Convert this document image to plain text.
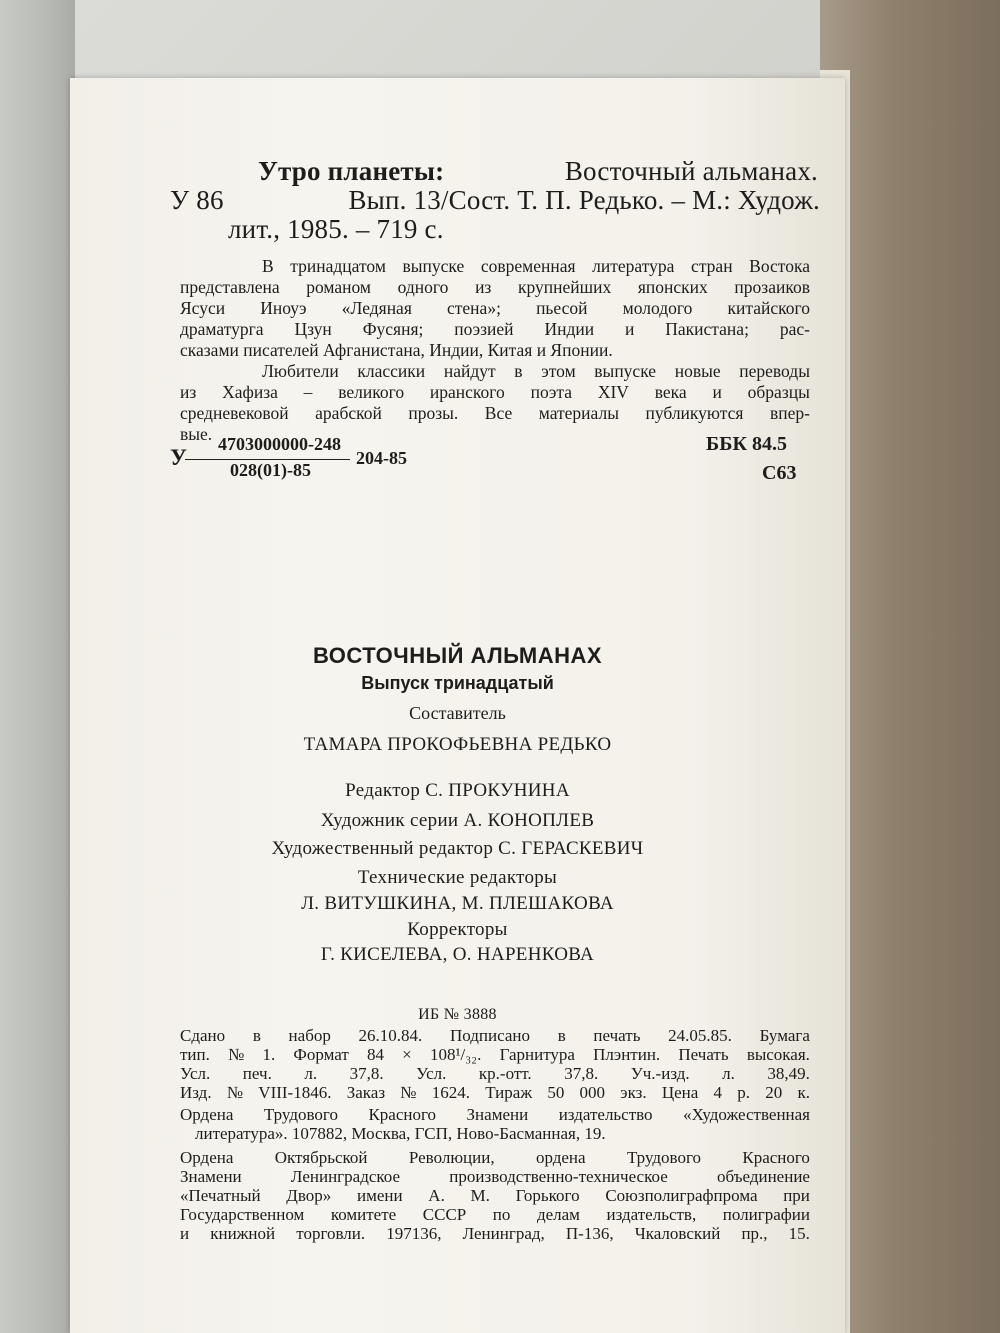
Утро планеты:	Восточный альманах.
У 86	Вып. 13/Сост. Т. П. Редько. – М.: Худож.
лит., 1985. – 719 с.
В тринадцатом выпуске современная литература стран Востока
представлена романом одного из крупнейших японских прозаиков
Ясуси Иноуэ «Ледяная стена»; пьесой молодого китайского
драматурга Цзун Фусяня; поэзией Индии и Пакистана; рас-
сказами писателей Афганистана, Индии, Китая и Японии.
Любители классики найдут в этом выпуске новые переводы
из Хафиза – великого иранского поэта XIV века и образцы
средневековой арабской прозы. Все материалы публикуются впер-
вые.
У
4703000000-248
028(01)-85
204-85
ББК 84.5
С63
ВОСТОЧНЫЙ АЛЬМАНАХ
Выпуск тринадцатый
Составитель
ТАМАРА ПРОКОФЬЕВНА РЕДЬКО
Редактор С. ПРОКУНИНА
Художник серии А. КОНОПЛЕВ
Художественный редактор С. ГЕРАСКЕВИЧ
Технические редакторы
Л. ВИТУШКИНА, М. ПЛЕШАКОВА
Корректоры
Г. КИСЕЛЕВА, О. НАРЕНКОВА
ИБ № 3888
Сдано в набор 26.10.84. Подписано в печать 24.05.85. Бумага
тип. № 1. Формат 84 × 108¹/₃₂. Гарнитура Плэнтин. Печать высокая.
Усл. печ. л. 37,8. Усл. кр.-отт. 37,8. Уч.-изд. л. 38,49.
Изд. № VIII-1846. Заказ № 1624. Тираж 50 000 экз. Цена 4 р. 20 к.
Ордена Трудового Красного Знамени издательство «Художественная
литература». 107882, Москва, ГСП, Ново-Басманная, 19.
Ордена Октябрьской Революции, ордена Трудового Красного
Знамени	Ленинградское	производственно-техническое	объединение
«Печатный Двор» имени А. М. Горького Союзполиграфпрома при
Государственном комитете СССР по делам издательств, полиграфии
и книжной торговли. 197136, Ленинград, П-136, Чкаловский пр., 15.
